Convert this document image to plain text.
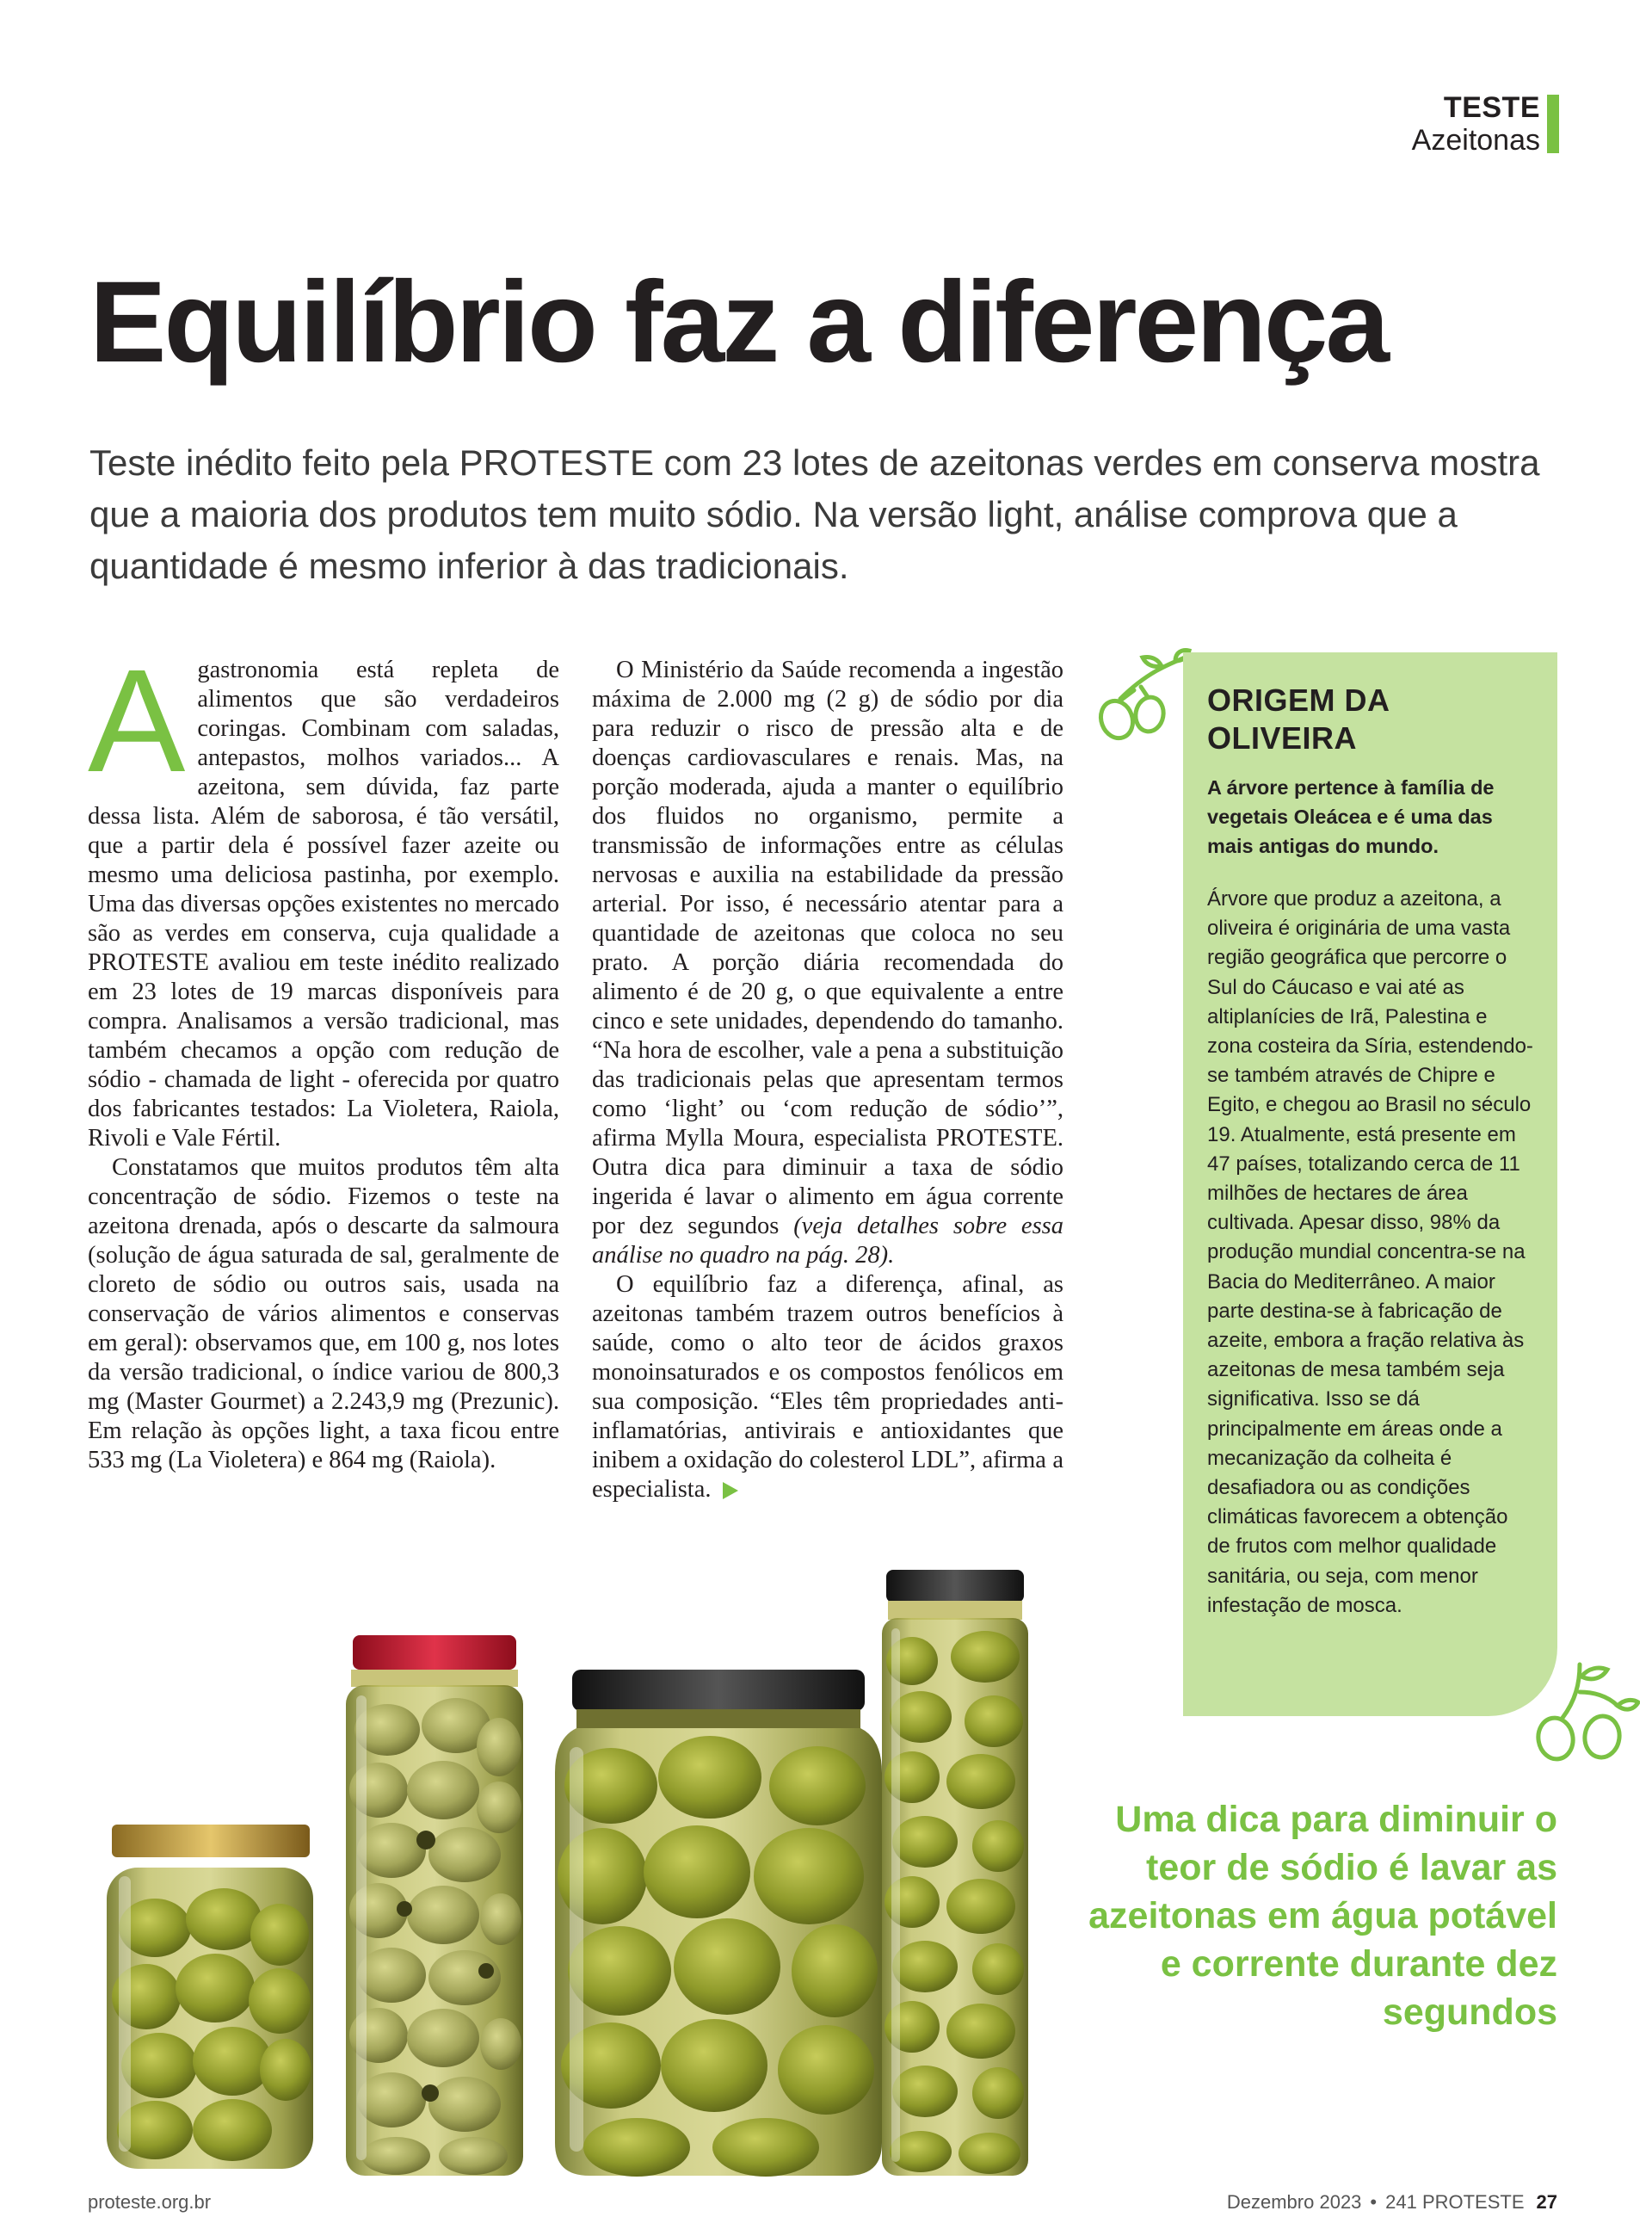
TESTE
Azeitonas
Equilíbrio faz a diferença

Teste inédito feito pela PROTESTE com 23 lotes de azeitonas verdes em conserva mostra que a maioria dos produtos tem muito sódio. Na versão light, análise comprova que a quantidade é mesmo inferior à das tradicionais.

Agastronomia está repleta de alimentos que são verdadeiros coringas. Combinam com saladas, antepastos, molhos variados... A azeitona, sem dúvida, faz parte dessa lista. Além de saborosa, é tão versátil, que a partir dela é possível fazer azeite ou mesmo uma deliciosa pastinha, por exemplo. Uma das diversas opções existentes no mercado são as verdes em conserva, cuja qualidade a PROTESTE avaliou em teste inédito realizado em 23 lotes de 19 marcas disponíveis para compra. Analisamos a versão tradicional, mas também checamos a opção com redução de sódio - chamada de light - oferecida por quatro dos fabricantes testados: La Violetera, Raiola, Rivoli e Vale Fértil.

Constatamos que muitos produtos têm alta concentração de sódio. Fizemos o teste na azeitona drenada, após o descarte da salmoura (solução de água saturada de sal, geralmente de cloreto de sódio ou outros sais, usada na conservação de vários alimentos e conservas em geral): observamos que, em 100 g, nos lotes da versão tradicional, o índice variou de 800,3 mg (Master Gourmet) a 2.243,9 mg (Prezunic). Em relação às opções light, a taxa ficou entre 533 mg (La Violetera) e 864 mg (Raiola).

O Ministério da Saúde recomenda a ingestão máxima de 2.000 mg (2 g) de sódio por dia para reduzir o risco de pressão alta e de doenças cardiovasculares e renais. Mas, na porção moderada, ajuda a manter o equilíbrio dos fluidos no organismo, permite a transmissão de informações entre as células nervosas e auxilia na estabilidade da pressão arterial. Por isso, é necessário atentar para a quantidade de azeitonas que coloca no seu prato. A porção diária recomendada do alimento é de 20 g, o que equivalente a entre cinco e sete unidades, dependendo do tamanho. “Na hora de escolher, vale a pena a substituição das tradicionais pelas que apresentam termos como ‘light’ ou ‘com redução de sódio’”, afirma Mylla Moura, especialista PROTESTE. Outra dica para diminuir a taxa de sódio ingerida é lavar o alimento em água corrente por dez segundos (veja detalhes sobre essa análise no quadro na pág. 28).

O equilíbrio faz a diferença, afinal, as azeitonas também trazem outros benefícios à saúde, como o alto teor de ácidos graxos monoinsaturados e os compostos fenólicos em sua composição. “Eles têm propriedades anti-inflamatórias, antivirais e antioxidantes que inibem a oxidação do colesterol LDL”, afirma a especialista.

ORIGEM DA OLIVEIRA

A árvore pertence à família de vegetais Oleácea e é uma das mais antigas do mundo.

Árvore que produz a azeitona, a oliveira é originária de uma vasta região geográfica que percorre o Sul do Cáucaso e vai até as altiplanícies de Irã, Palestina e zona costeira da Síria, estendendo-se também através de Chipre e Egito, e chegou ao Brasil no século 19. Atualmente, está presente em 47 países, totalizando cerca de 11 milhões de hectares de área cultivada. Apesar disso, 98% da produção mundial concentra-se na Bacia do Mediterrâneo. A maior parte destina-se à fabricação de azeite, embora a fração relativa às azeitonas de mesa também seja significativa. Isso se dá principalmente em áreas onde a mecanização da colheita é desafiadora ou as condições climáticas favorecem a obtenção de frutos com melhor qualidade sanitária, ou seja, com menor infestação de mosca.

Uma dica para diminuir o teor de sódio é lavar as azeitonas em água potável e corrente durante dez segundos

proteste.org.br	Dezembro 2023 • 241 PROTESTE 27
